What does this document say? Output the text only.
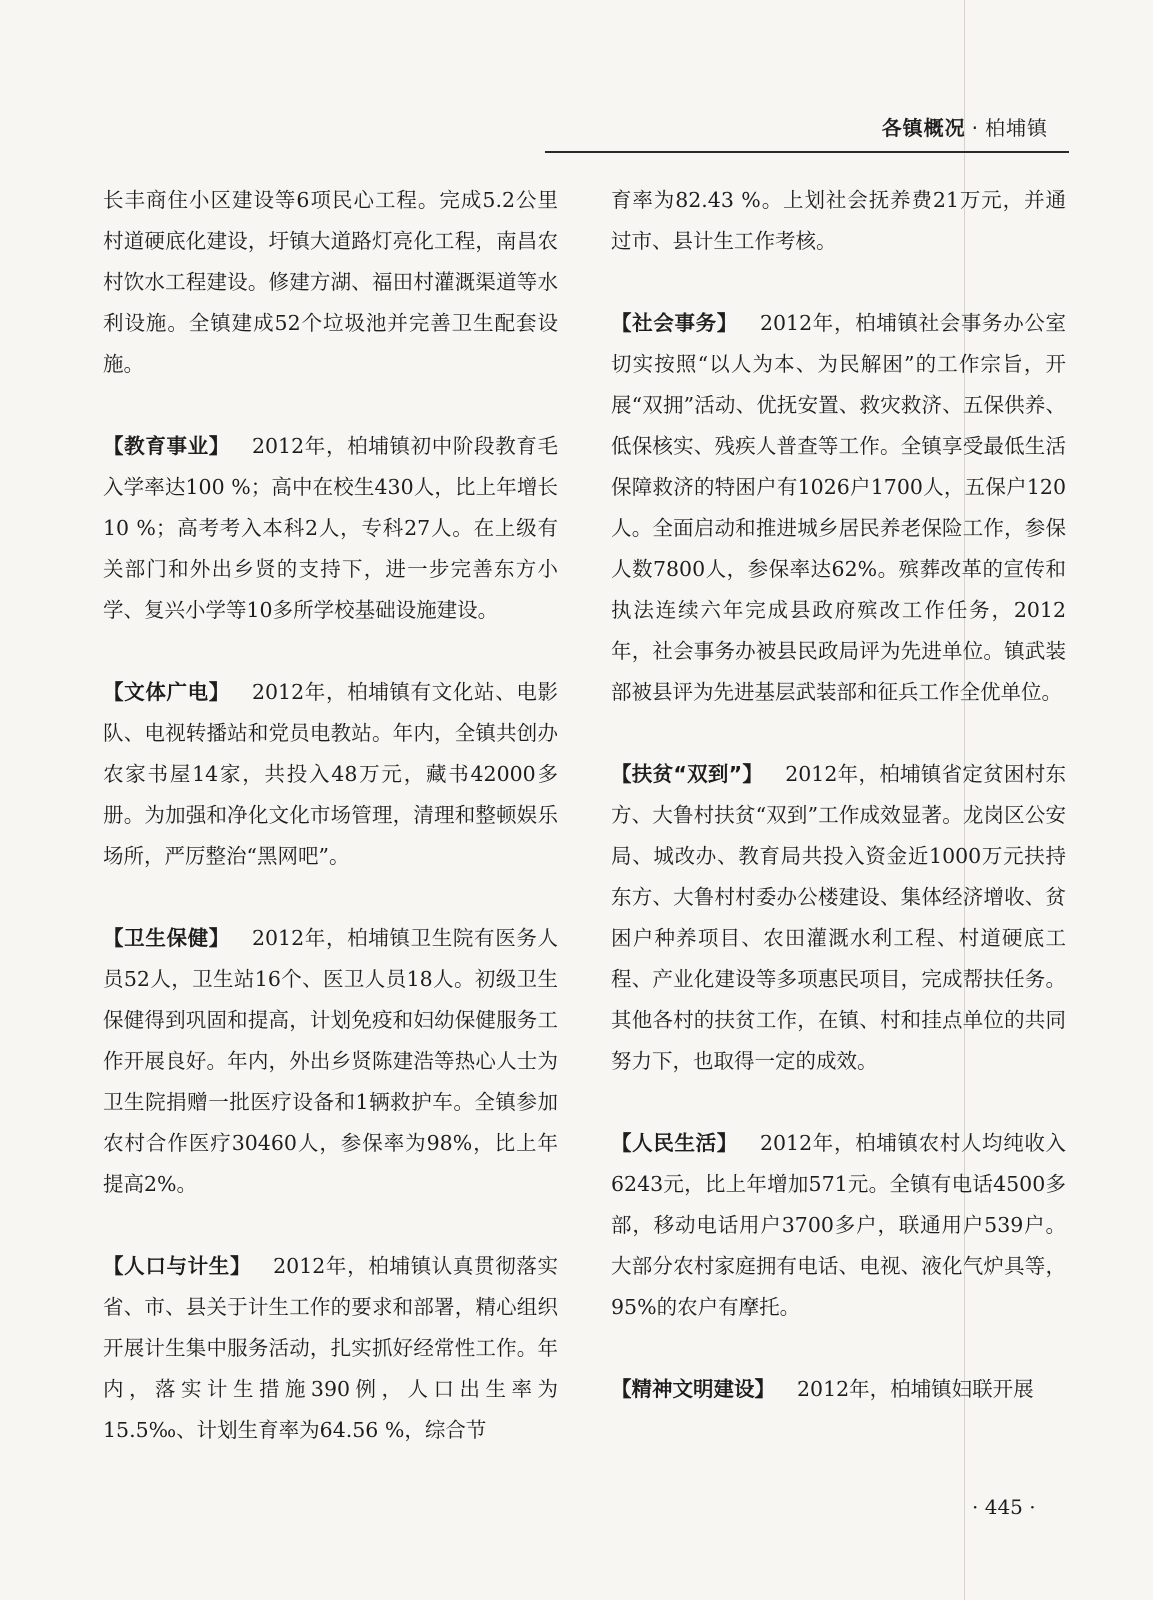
各镇概况 · 柏埔镇

长丰商住小区建设等6项民心工程。完成5.2公里村道硬底化建设，圩镇大道路灯亮化工程，南昌农村饮水工程建设。修建方湖、福田村灌溉渠道等水利设施。全镇建成52个垃圾池并完善卫生配套设施。

【教育事业】 2012年，柏埔镇初中阶段教育毛入学率达100 %；高中在校生430人，比上年增长10 %；高考考入本科2人，专科27人。在上级有关部门和外出乡贤的支持下，进一步完善东方小学、复兴小学等10多所学校基础设施建设。

【文体广电】 2012年，柏埔镇有文化站、电影队、电视转播站和党员电教站。年内，全镇共创办农家书屋14家，共投入48万元，藏书42000多册。为加强和净化文化市场管理，清理和整顿娱乐场所，严厉整治“黑网吧”。

【卫生保健】 2012年，柏埔镇卫生院有医务人员52人，卫生站16个、医卫人员18人。初级卫生保健得到巩固和提高，计划免疫和妇幼保健服务工作开展良好。年内，外出乡贤陈建浩等热心人士为卫生院捐赠一批医疗设备和1辆救护车。全镇参加农村合作医疗30460人，参保率为98%，比上年提高2%。

【人口与计生】 2012年，柏埔镇认真贯彻落实省、市、县关于计生工作的要求和部署，精心组织开展计生集中服务活动，扎实抓好经常性工作。年内，落实计生措施390例，人口出生率为15.5‰、计划生育率为64.56 %，综合节

育率为82.43 %。上划社会抚养费21万元，并通过市、县计生工作考核。

【社会事务】 2012年，柏埔镇社会事务办公室切实按照“以人为本、为民解困”的工作宗旨，开展“双拥”活动、优抚安置、救灾救济、五保供养、低保核实、残疾人普查等工作。全镇享受最低生活保障救济的特困户有1026户1700人，五保户120人。全面启动和推进城乡居民养老保险工作，参保人数7800人，参保率达62%。殡葬改革的宣传和执法连续六年完成县政府殡改工作任务，2012年，社会事务办被县民政局评为先进单位。镇武装部被县评为先进基层武装部和征兵工作全优单位。

【扶贫“双到”】 2012年，柏埔镇省定贫困村东方、大鲁村扶贫“双到”工作成效显著。龙岗区公安局、城改办、教育局共投入资金近1000万元扶持东方、大鲁村村委办公楼建设、集体经济增收、贫困户种养项目、农田灌溉水利工程、村道硬底工程、产业化建设等多项惠民项目，完成帮扶任务。其他各村的扶贫工作，在镇、村和挂点单位的共同努力下，也取得一定的成效。

【人民生活】 2012年，柏埔镇农村人均纯收入6243元，比上年增加571元。全镇有电话4500多部，移动电话用户3700多户，联通用户539户。大部分农村家庭拥有电话、电视、液化气炉具等，95%的农户有摩托。

【精神文明建设】 2012年，柏埔镇妇联开展

· 445 ·
